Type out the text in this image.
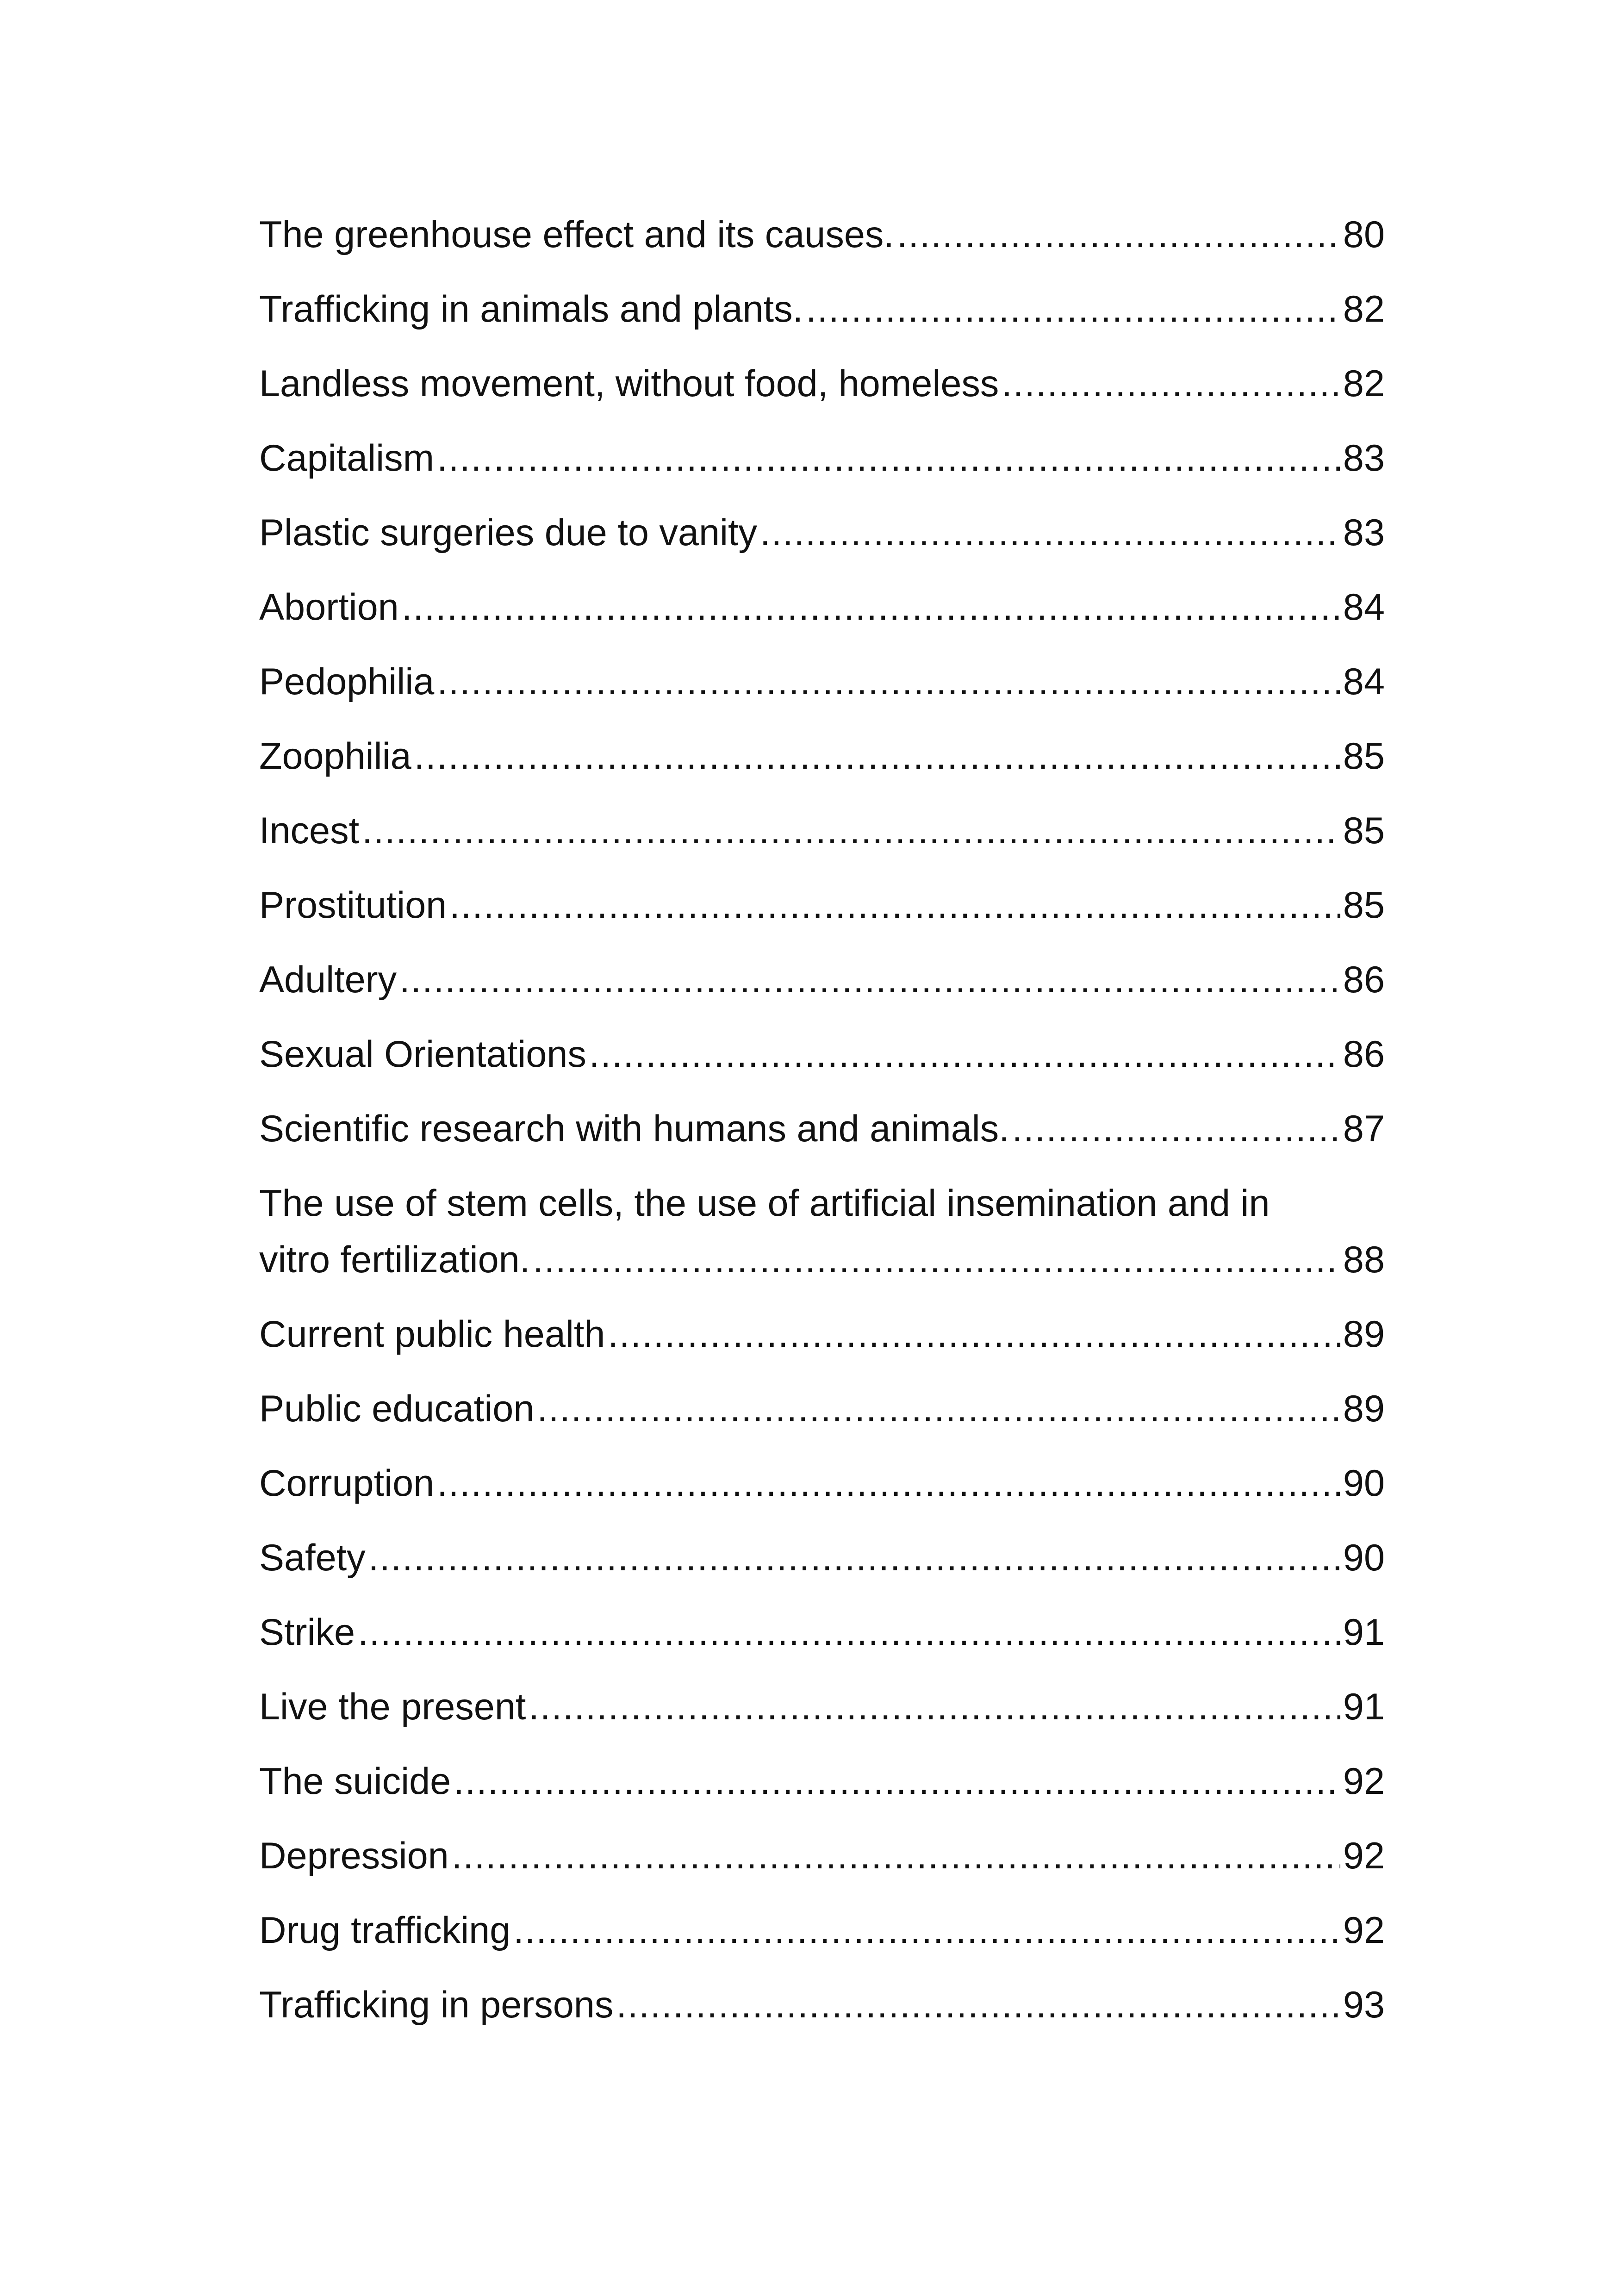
The greenhouse effect and its causes. .....	80
Trafficking in animals and plants. .....	82
Landless movement, without food, homeless .....	82
Capitalism .....	83
Plastic surgeries due to vanity .....	83
Abortion .....	84
Pedophilia .....	84
Zoophilia .....	85
Incest .....	85
Prostitution .....	85
Adultery .....	86
Sexual Orientations .....	86
Scientific research with humans and animals. .....	87
The use of stem cells, the use of artificial insemination and in
vitro fertilization. .....	88
Current public health .....	89
Public education .....	89
Corruption .....	90
Safety .....	90
Strike .....	91
Live the present .....	91
The suicide .....	92
Depression .....	92
Drug trafficking .....	92
Trafficking in persons .....	93
